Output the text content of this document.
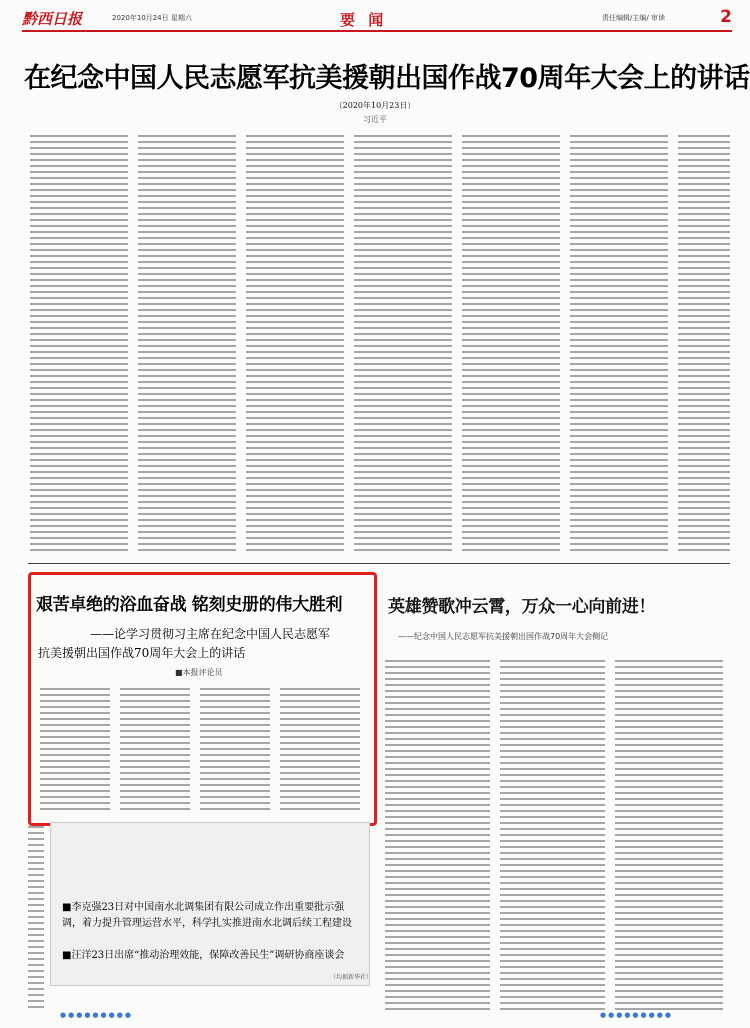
黔西日报	2020年10月24日 星期六	要 闻	责任编辑/主编/ 审读	2
在纪念中国人民志愿军抗美援朝出国作战70周年大会上的讲话
（2020年10月23日）
习近平
艰苦卓绝的浴血奋战 铭刻史册的伟大胜利
——论学习贯彻习主席在纪念中国人民志愿军
抗美援朝出国作战70周年大会上的讲话
■本报评论员
英雄赞歌冲云霄，万众一心向前进！
——纪念中国人民志愿军抗美援朝出国作战70周年大会侧记
■李克强23日对中国南水北调集团有限公司成立作出重要批示强调，着力提升管理运营水平，科学扎实推进南水北调后续工程建设
■汪洋23日出席“推动治理效能，保障改善民生”调研协商座谈会
（均据新华社）
●●●●●●●●●	●●●●●●●●●
